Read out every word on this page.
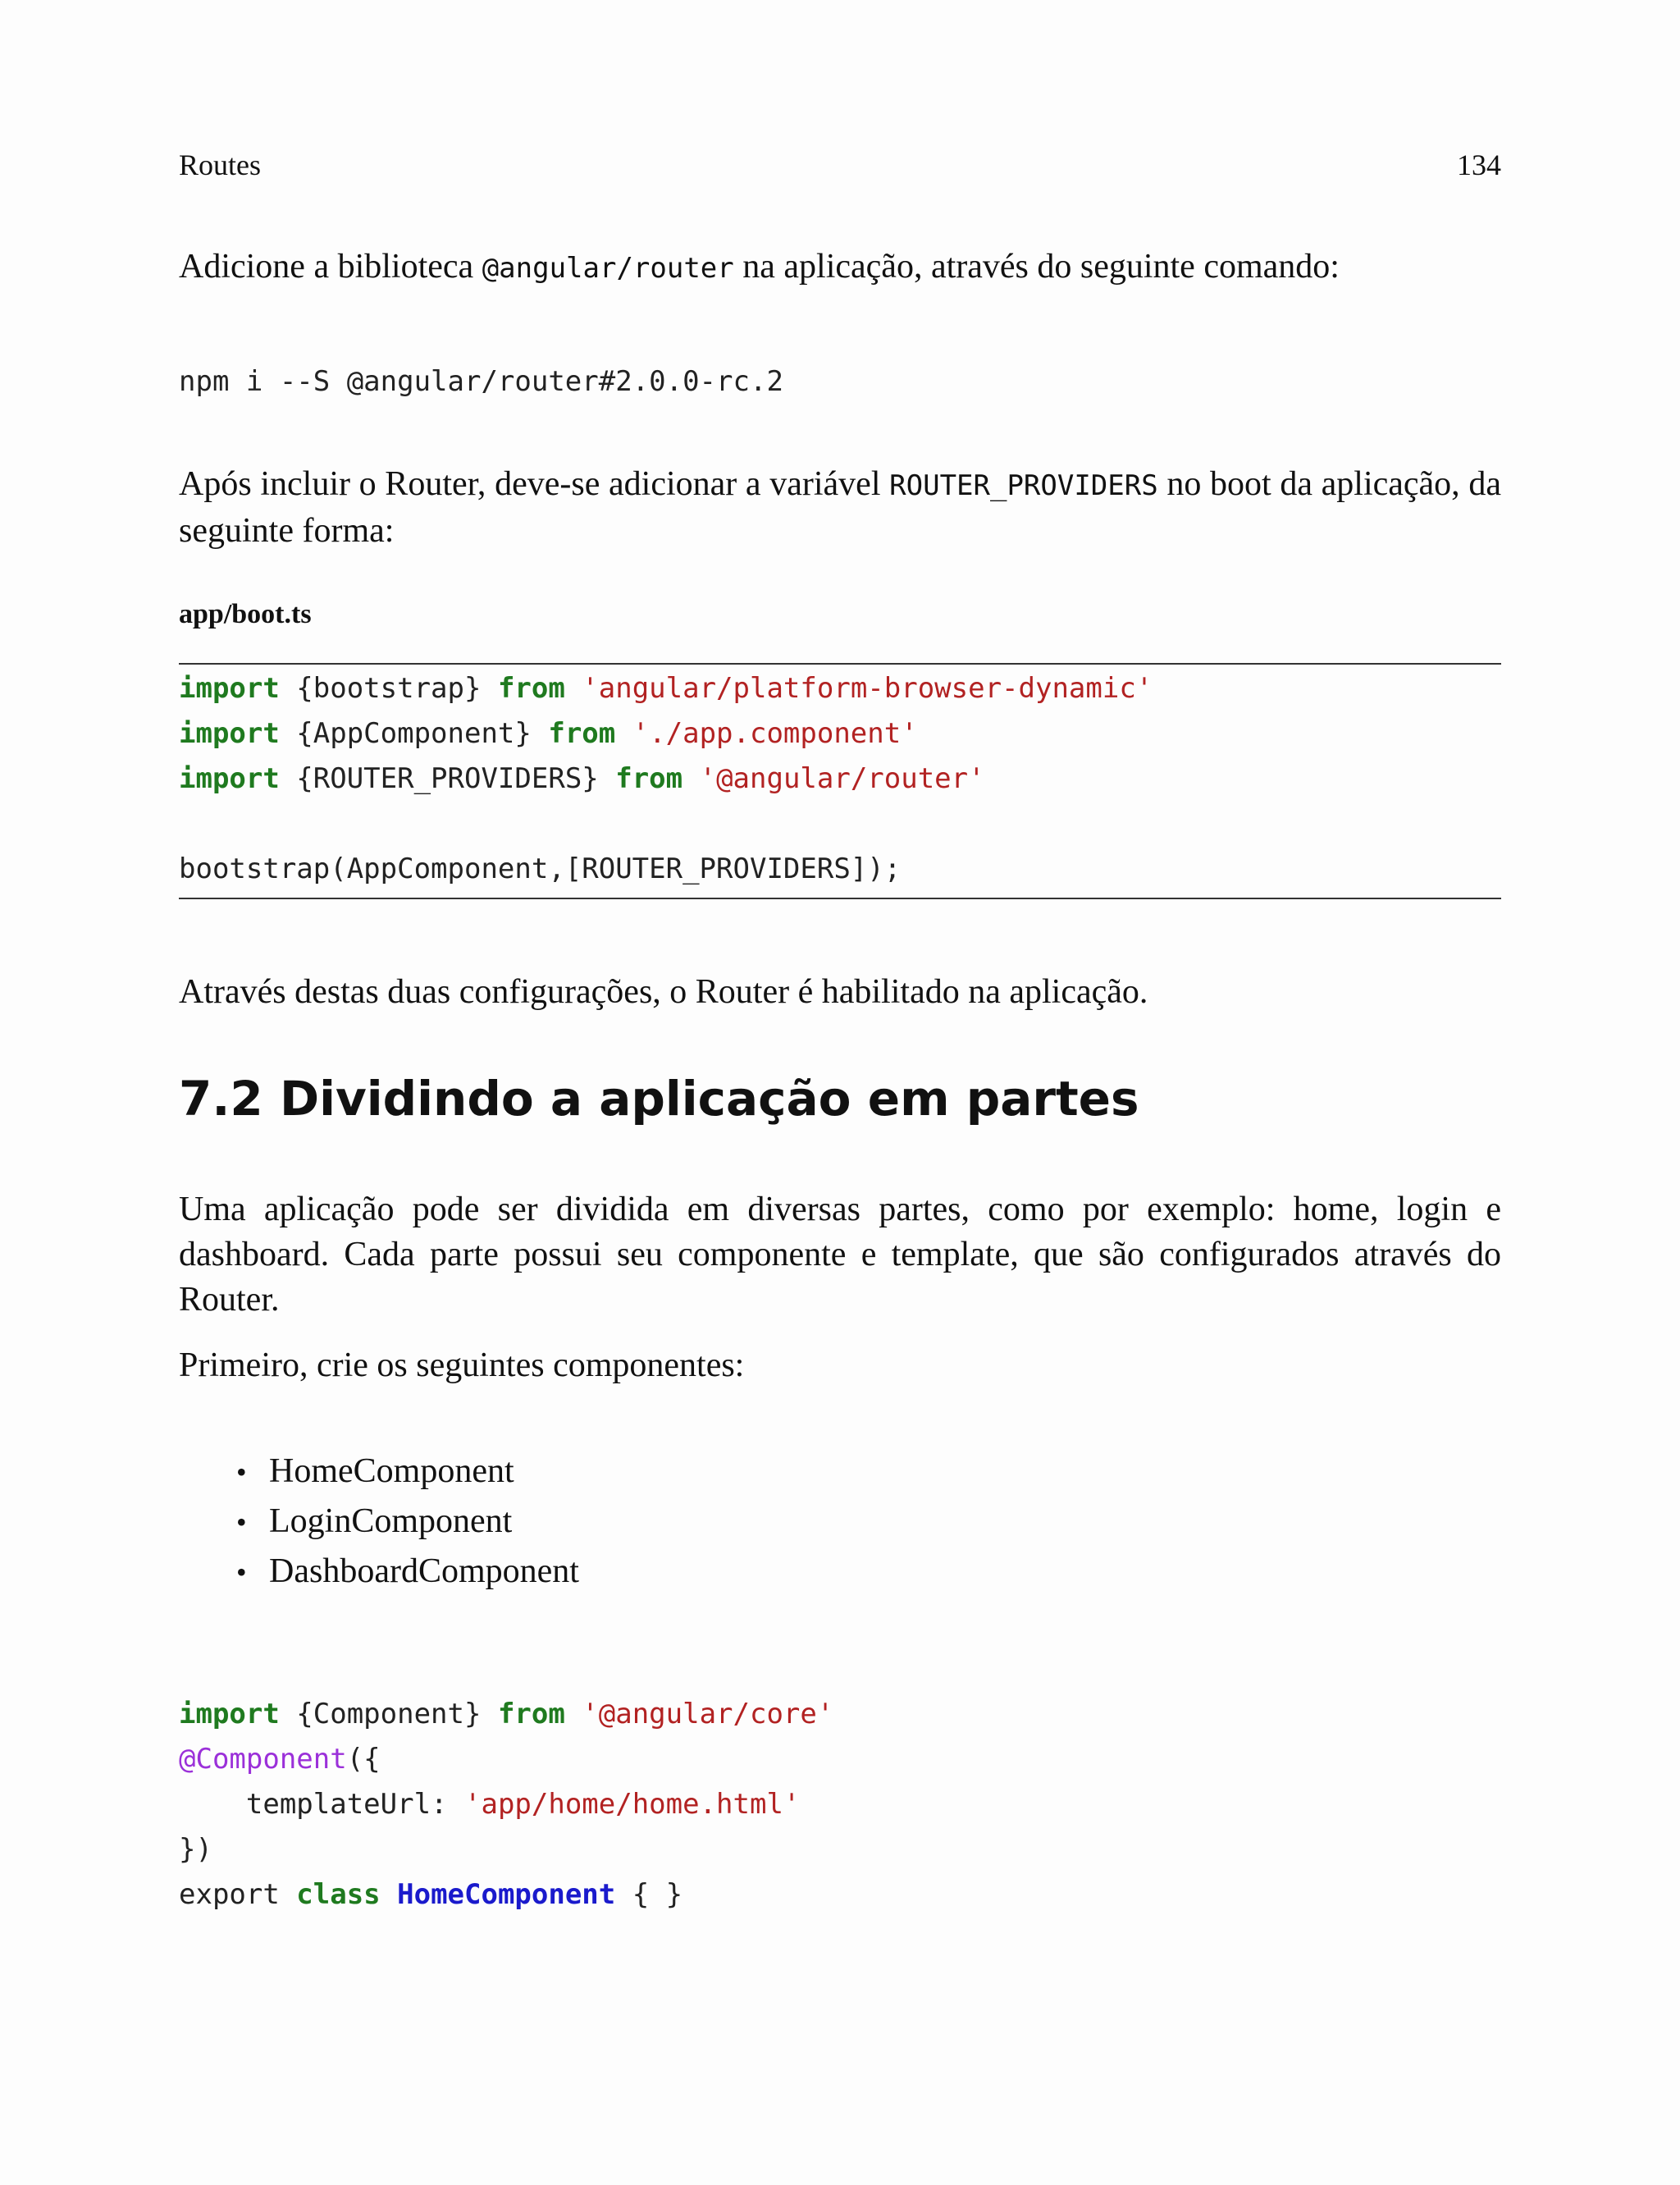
Routes	134

Adicione a biblioteca @angular/router na aplicação, através do seguinte comando:

npm i --S @angular/router#2.0.0-rc.2

Após incluir o Router, deve-se adicionar a variável ROUTER_PROVIDERS no boot da aplicação, da seguinte forma:

app/boot.ts
import {bootstrap} from 'angular/platform-browser-dynamic'
import {AppComponent} from './app.component'
import {ROUTER_PROVIDERS} from '@angular/router'
bootstrap(AppComponent,[ROUTER_PROVIDERS]);

Através destas duas configurações, o Router é habilitado na aplicação.

7.2 Dividindo a aplicação em partes

Uma aplicação pode ser dividida em diversas partes, como por exemplo: home, login e dashboard. Cada parte possui seu componente e template, que são configurados através do Router.

Primeiro, crie os seguintes componentes:

• HomeComponent
• LoginComponent
• DashboardComponent
import {Component} from '@angular/core'
@Component({
templateUrl: 'app/home/home.html'
})
export class HomeComponent { }
